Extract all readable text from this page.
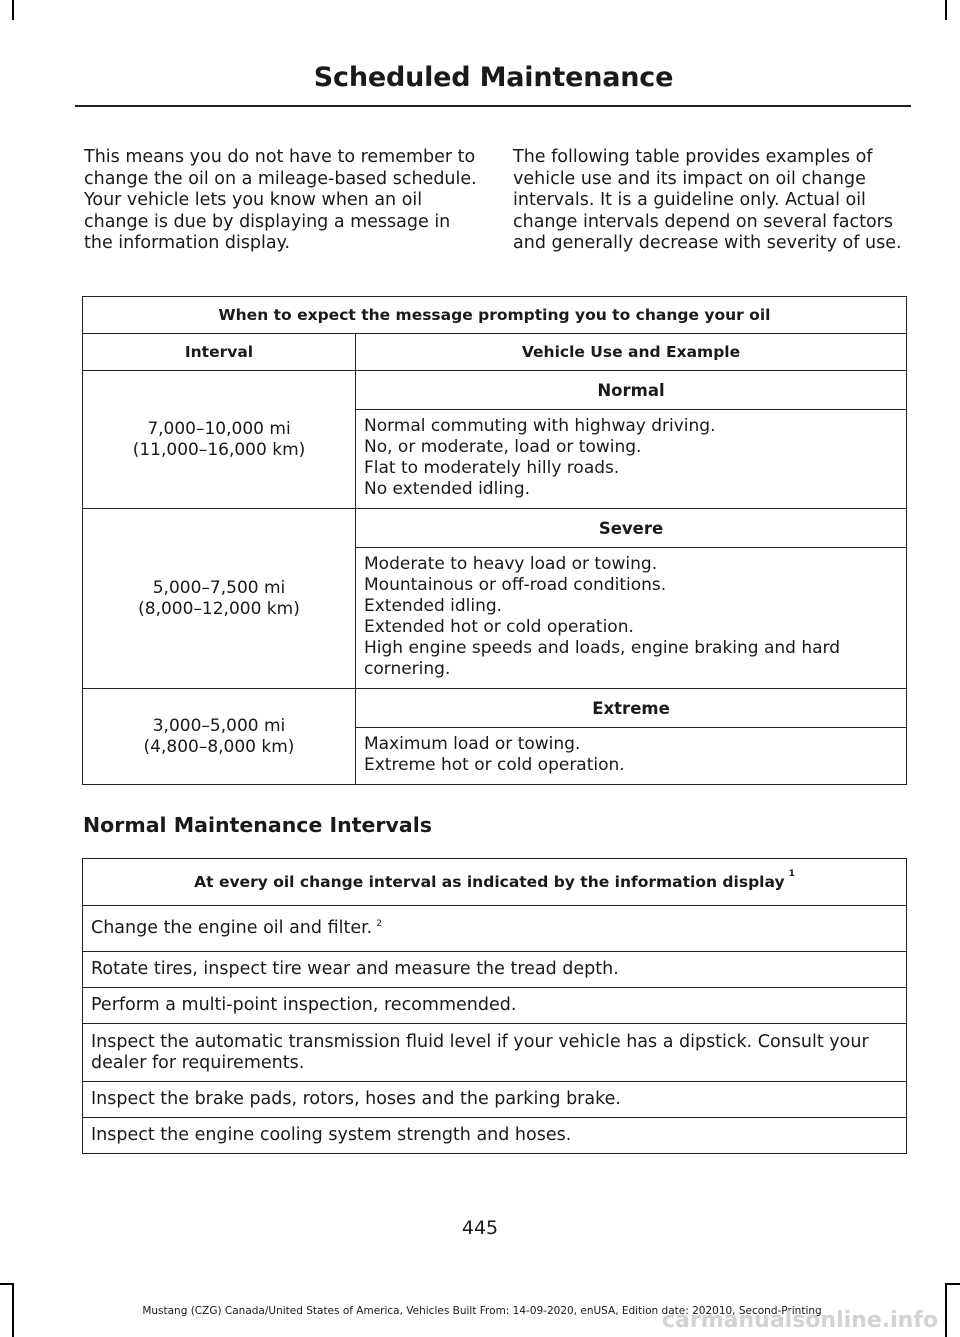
Scheduled Maintenance

This means you do not have to remember to change the oil on a mileage-based schedule. Your vehicle lets you know when an oil change is due by displaying a message in the information display.

The following table provides examples of vehicle use and its impact on oil change intervals. It is a guideline only. Actual oil change intervals depend on several factors and generally decrease with severity of use.

When to expect the message prompting you to change your oil	
Interval	Vehicle Use and Example

7,000–10,000 mi
(11,000–16,000 km)	Normal

	Normal commuting with highway driving.
No, or moderate, load or towing.
Flat to moderately hilly roads.
No extended idling.

5,000–7,500 mi
(8,000–12,000 km)	Severe

	Moderate to heavy load or towing.
Mountainous or off-road conditions.
Extended idling.
Extended hot or cold operation.
High engine speeds and loads, engine braking and hard cornering.

3,000–5,000 mi
(4,800–8,000 km)	Extreme

	Maximum load or towing.
Extreme hot or cold operation.
Normal Maintenance Intervals
At every oil change interval as indicated by the information display $^1$
Change the engine oil and filter. $^2$
Rotate tires, inspect tire wear and measure the tread depth.
Perform a multi-point inspection, recommended.
Inspect the automatic transmission fluid level if your vehicle has a dipstick. Consult your dealer for requirements.
Inspect the brake pads, rotors, hoses and the parking brake.
Inspect the engine cooling system strength and hoses.
445
Mustang (CZG) Canada/United States of America, Vehicles Built From: 14-09-2020, enUSA, Edition date: 202010, Second-Printing
carmanualsonline.info
